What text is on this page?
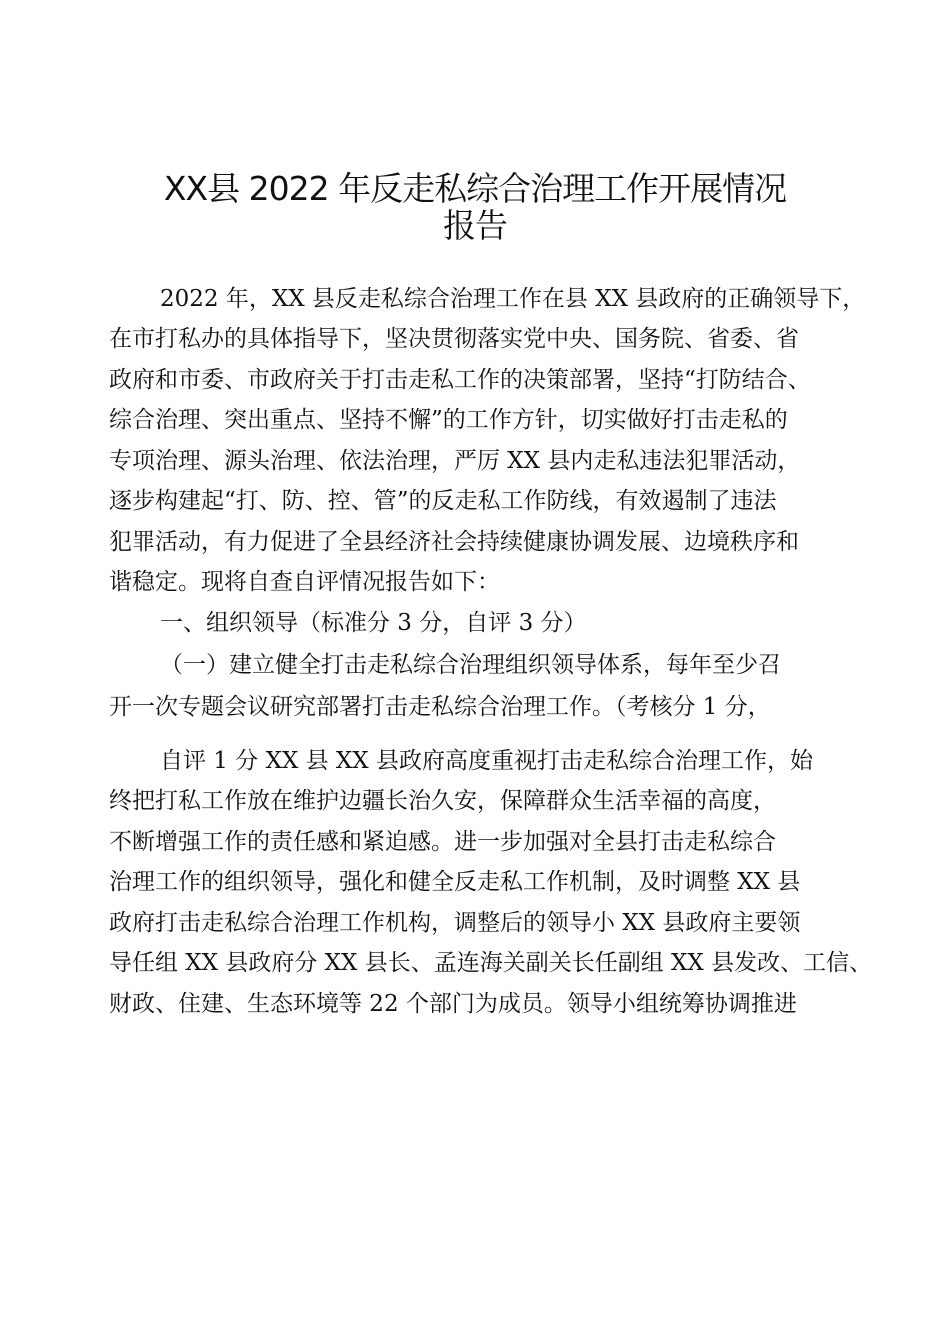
XX县 2022 年反走私综合治理工作开展情况
报告
2022 年，XX 县反走私综合治理工作在县 XX 县政府的正确领导下，
在市打私办的具体指导下，坚决贯彻落实党中央、国务院、省委、省
政府和市委、市政府关于打击走私工作的决策部署，坚持“打防结合、
综合治理、突出重点、坚持不懈”的工作方针，切实做好打击走私的
专项治理、源头治理、依法治理，严厉 XX 县内走私违法犯罪活动，
逐步构建起“打、防、控、管”的反走私工作防线，有效遏制了违法
犯罪活动，有力促进了全县经济社会持续健康协调发展、边境秩序和
谐稳定。现将自查自评情况报告如下：
一、组织领导（标准分 3 分，自评 3 分）
（一）建立健全打击走私综合治理组织领导体系，每年至少召
开一次专题会议研究部署打击走私综合治理工作。（考核分 1 分，
自评 1 分 XX 县 XX 县政府高度重视打击走私综合治理工作，始
终把打私工作放在维护边疆长治久安，保障群众生活幸福的高度，
不断增强工作的责任感和紧迫感。进一步加强对全县打击走私综合
治理工作的组织领导，强化和健全反走私工作机制，及时调整 XX 县
政府打击走私综合治理工作机构，调整后的领导小 XX 县政府主要领
导任组 XX 县政府分 XX 县长、孟连海关副关长任副组 XX 县发改、工信、
财政、住建、生态环境等 22 个部门为成员。领导小组统筹协调推进
